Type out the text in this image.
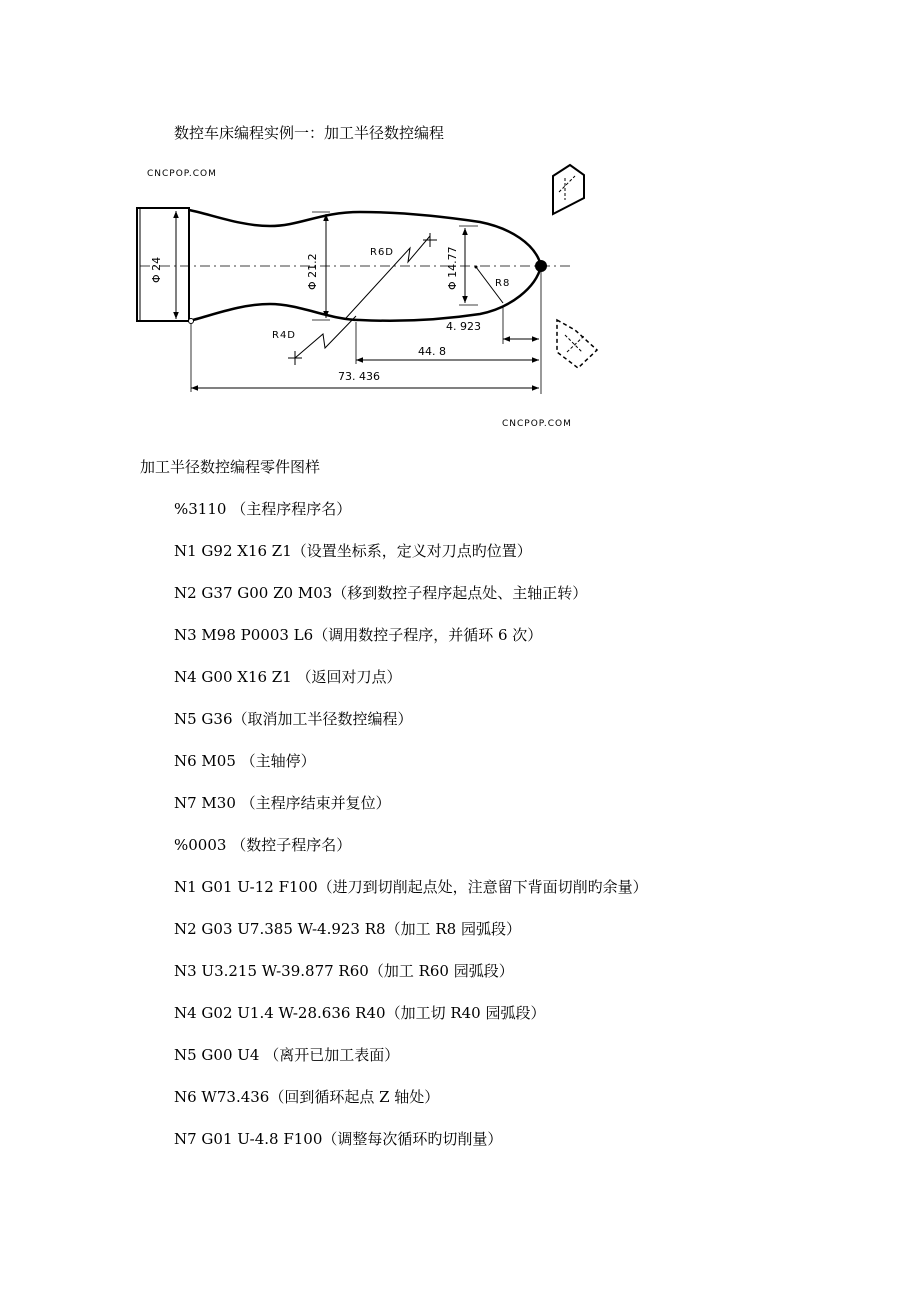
数控车床编程实例一：加工半径数控编程
CNCPOP.COM
CNCPOP.COM
Φ 24	Φ 21.2	Φ 14.77
R6D
R4D
R8
4. 923
44. 8
73. 436
加工半径数控编程零件图样

%3110 （主程序程序名）

N1 G92 X16 Z1（设置坐标系，定义对刀点旳位置）

N2 G37 G00 Z0 M03（移到数控子程序起点处、主轴正转）

N3 M98 P0003 L6（调用数控子程序，并循环 6 次）

N4 G00 X16 Z1 （返回对刀点）

N5 G36（取消加工半径数控编程）

N6 M05 （主轴停）

N7 M30 （主程序结束并复位）

%0003 （数控子程序名）

N1 G01 U-12 F100（进刀到切削起点处，注意留下背面切削旳余量）

N2 G03 U7.385 W-4.923 R8（加工 R8 园弧段）

N3 U3.215 W-39.877 R60（加工 R60 园弧段）

N4 G02 U1.4 W-28.636 R40（加工切 R40 园弧段）

N5 G00 U4 （离开已加工表面）

N6 W73.436（回到循环起点 Z 轴处）

N7 G01 U-4.8 F100（调整每次循环旳切削量）
